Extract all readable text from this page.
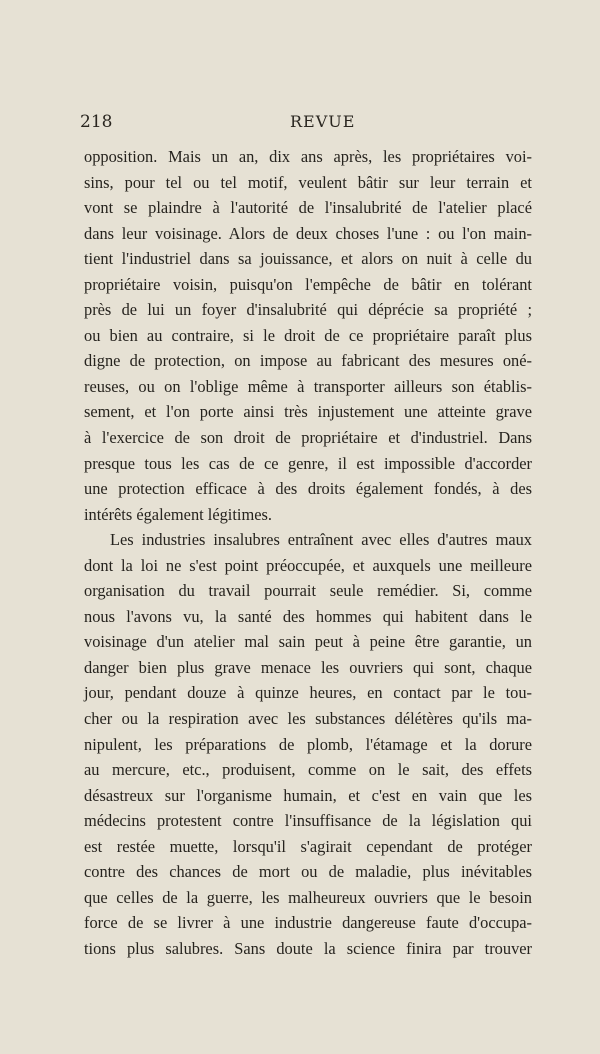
218	REVUE
opposition. Mais un an, dix ans après, les propriétaires voi-
sins, pour tel ou tel motif, veulent bâtir sur leur terrain et
vont se plaindre à l'autorité de l'insalubrité de l'atelier placé
dans leur voisinage. Alors de deux choses l'une : ou l'on main-
tient l'industriel dans sa jouissance, et alors on nuit à celle du
propriétaire voisin, puisqu'on l'empêche de bâtir en tolérant
près de lui un foyer d'insalubrité qui déprécie sa propriété ;
ou bien au contraire, si le droit de ce propriétaire paraît plus
digne de protection, on impose au fabricant des mesures oné-
reuses, ou on l'oblige même à transporter ailleurs son établis-
sement, et l'on porte ainsi très injustement une atteinte grave
à l'exercice de son droit de propriétaire et d'industriel. Dans
presque tous les cas de ce genre, il est impossible d'accorder
une protection efficace à des droits également fondés, à des
intérêts également légitimes.
Les industries insalubres entraînent avec elles d'autres maux
dont la loi ne s'est point préoccupée, et auxquels une meilleure
organisation du travail pourrait seule remédier. Si, comme
nous l'avons vu, la santé des hommes qui habitent dans le
voisinage d'un atelier mal sain peut à peine être garantie, un
danger bien plus grave menace les ouvriers qui sont, chaque
jour, pendant douze à quinze heures, en contact par le tou-
cher ou la respiration avec les substances délétères qu'ils ma-
nipulent, les préparations de plomb, l'étamage et la dorure
au mercure, etc., produisent, comme on le sait, des effets
désastreux sur l'organisme humain, et c'est en vain que les
médecins protestent contre l'insuffisance de la législation qui
est restée muette, lorsqu'il s'agirait cependant de protéger
contre des chances de mort ou de maladie, plus inévitables
que celles de la guerre, les malheureux ouvriers que le besoin
force de se livrer à une industrie dangereuse faute d'occupa-
tions plus salubres. Sans doute la science finira par trouver
